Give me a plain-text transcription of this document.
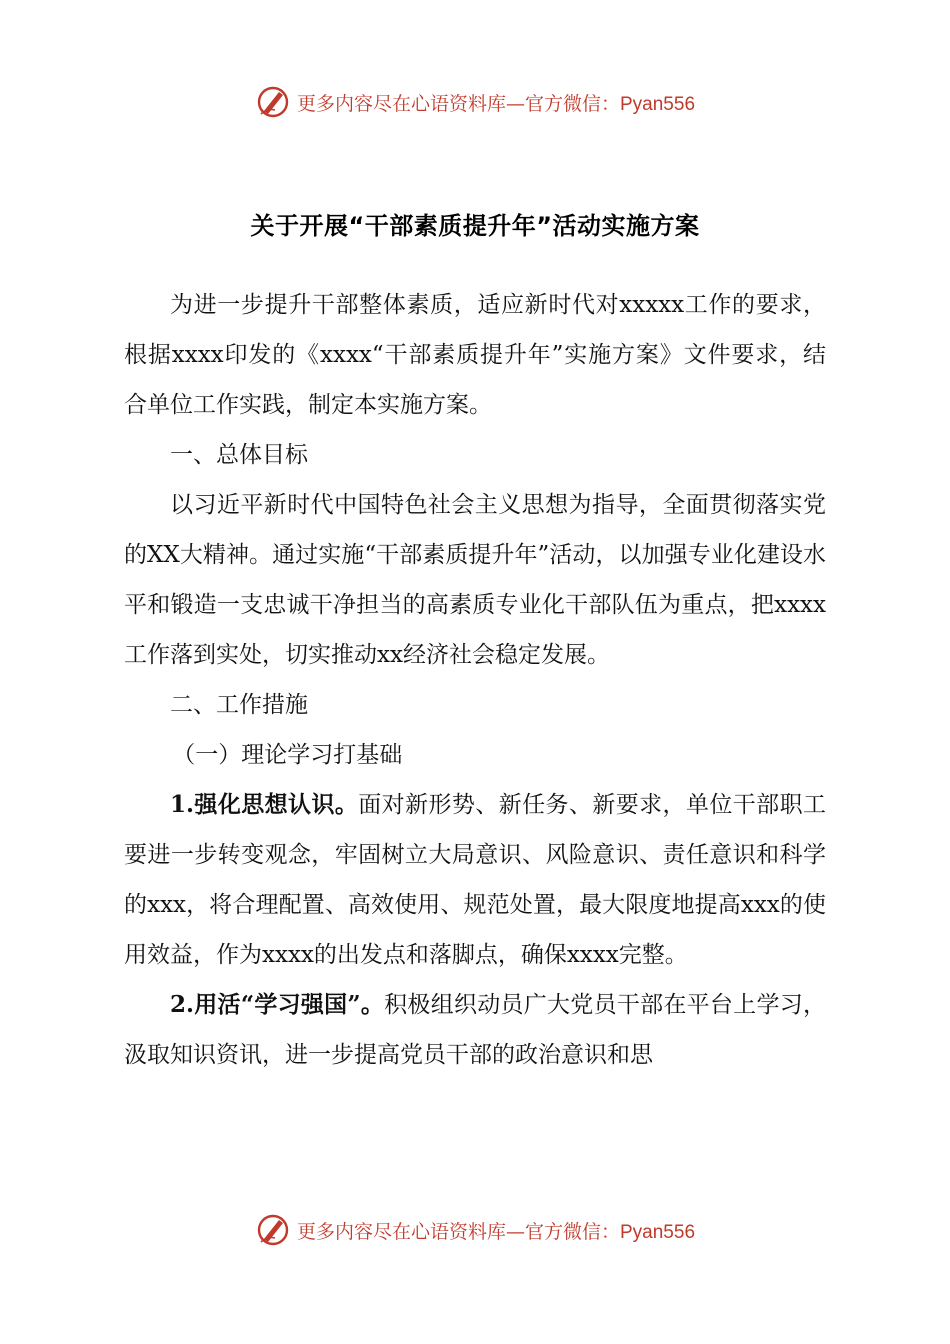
更多内容尽在心语资料库—官方微信：Pyan556
关于开展“干部素质提升年”活动实施方案

为进一步提升干部整体素质，适应新时代对xxxxx工作的要求，根据xxxx印发的《xxxx“干部素质提升年”实施方案》文件要求，结合单位工作实践，制定本实施方案。

一、总体目标

以习近平新时代中国特色社会主义思想为指导，全面贯彻落实党的XX大精神。通过实施“干部素质提升年”活动，以加强专业化建设水平和锻造一支忠诚干净担当的高素质专业化干部队伍为重点，把xxxx工作落到实处，切实推动xx经济社会稳定发展。

二、工作措施

（一）理论学习打基础

1.强化思想认识。面对新形势、新任务、新要求，单位干部职工要进一步转变观念，牢固树立大局意识、风险意识、责任意识和科学的xxx，将合理配置、高效使用、规范处置，最大限度地提高xxx的使用效益，作为xxxx的出发点和落脚点，确保xxxx完整。

2.用活“学习强国”。积极组织动员广大党员干部在平台上学习，汲取知识资讯，进一步提高党员干部的政治意识和思

更多内容尽在心语资料库—官方微信：Pyan556
